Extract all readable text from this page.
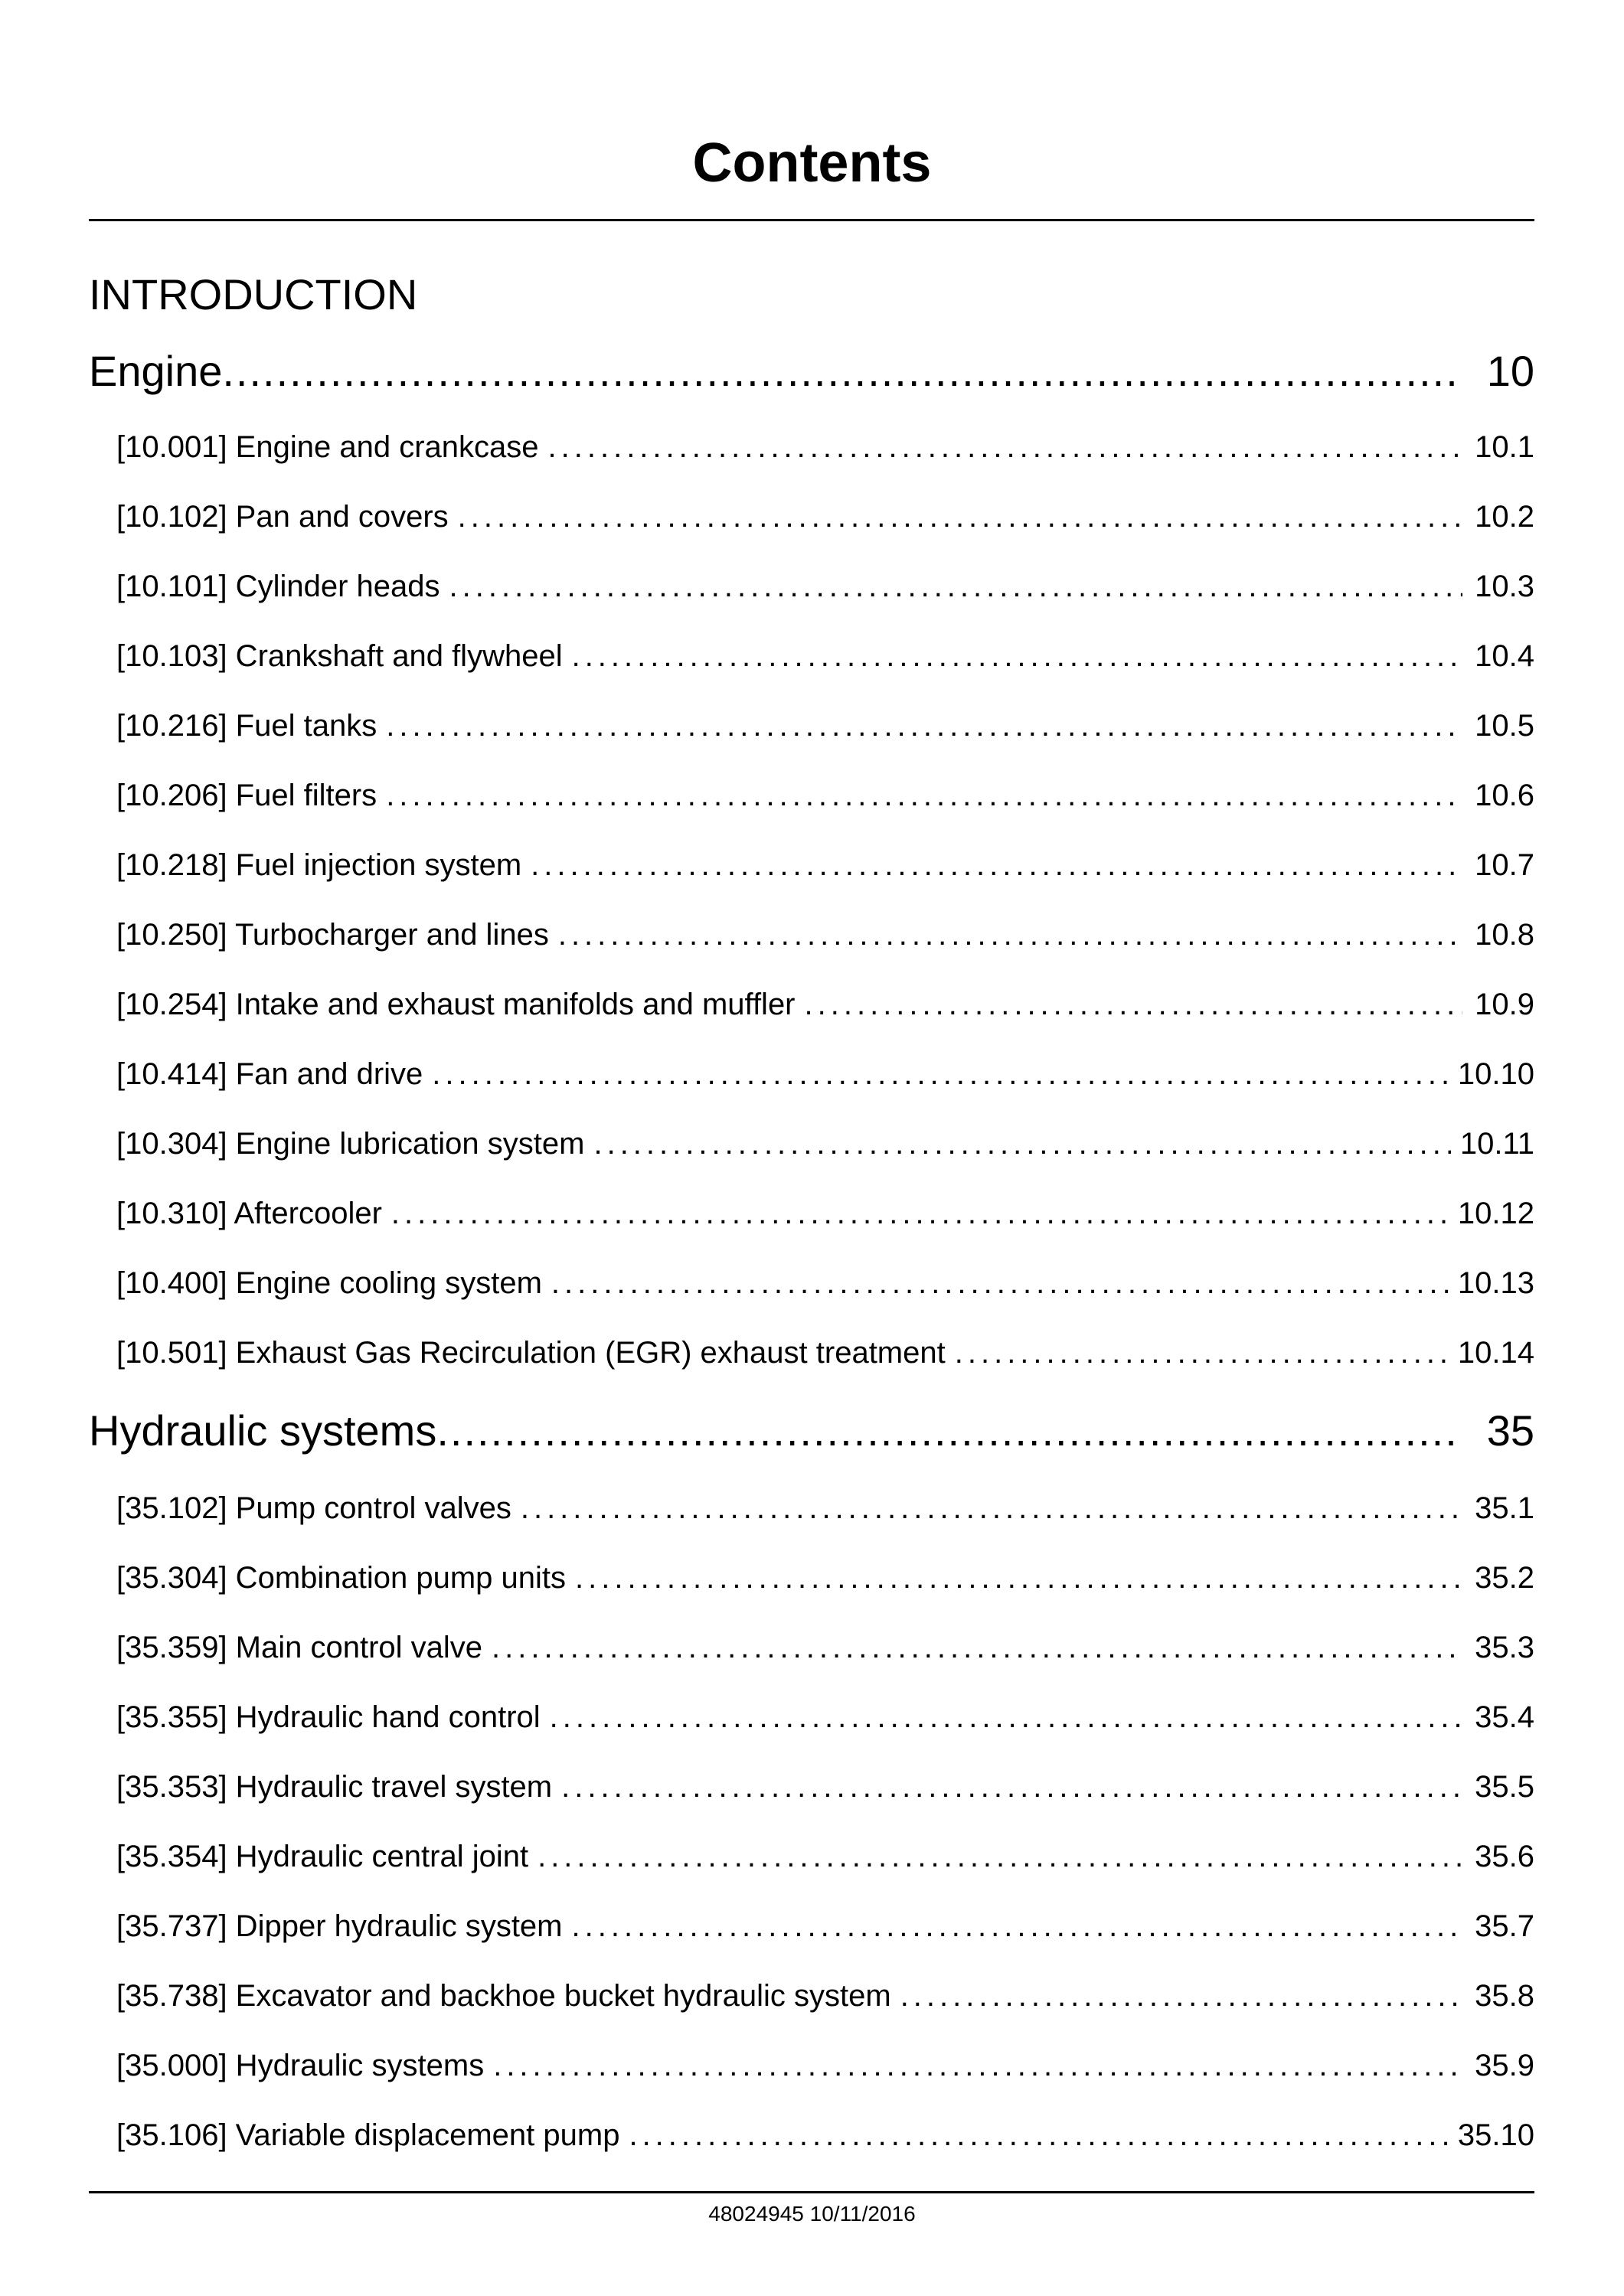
Contents
INTRODUCTION
Engine .....	10
[10.001] Engine and crankcase .....	10.1
[10.102] Pan and covers .....	10.2
[10.101] Cylinder heads .....	10.3
[10.103] Crankshaft and flywheel .....	10.4
[10.216] Fuel tanks .....	10.5
[10.206] Fuel filters .....	10.6
[10.218] Fuel injection system .....	10.7
[10.250] Turbocharger and lines .....	10.8
[10.254] Intake and exhaust manifolds and muffler .....	10.9
[10.414] Fan and drive .....	10.10
[10.304] Engine lubrication system .....	10.11
[10.310] Aftercooler .....	10.12
[10.400] Engine cooling system .....	10.13
[10.501] Exhaust Gas Recirculation (EGR) exhaust treatment .....	10.14
Hydraulic systems .....	35
[35.102] Pump control valves .....	35.1
[35.304] Combination pump units .....	35.2
[35.359] Main control valve .....	35.3
[35.355] Hydraulic hand control .....	35.4
[35.353] Hydraulic travel system .....	35.5
[35.354] Hydraulic central joint .....	35.6
[35.737] Dipper hydraulic system .....	35.7
[35.738] Excavator and backhoe bucket hydraulic system .....	35.8
[35.000] Hydraulic systems .....	35.9
[35.106] Variable displacement pump .....	35.10
48024945 10/11/2016
